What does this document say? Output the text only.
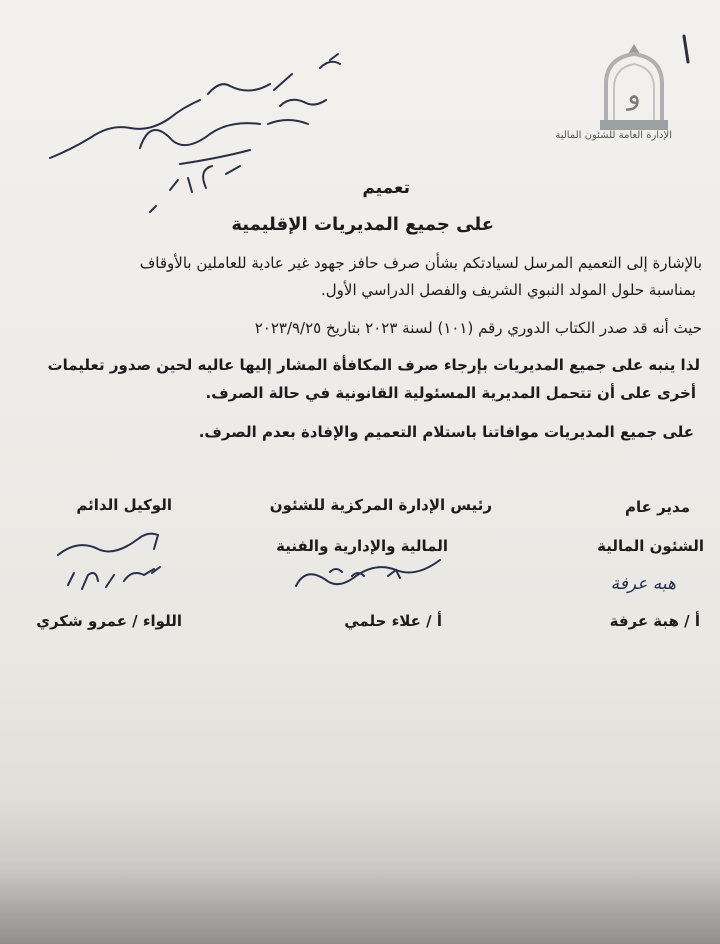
و
الإدارة العامة للشئون المالية
تعميم
على جميع المديريات الإقليمية
بالإشارة إلى التعميم المرسل لسيادتكم بشأن صرف حافز جهود غير عادية للعاملين بالأوقاف
بمناسبة حلول المولد النبوي الشريف والفصل الدراسي الأول.
حيث أنه قد صدر الكتاب الدوري رقم (١٠١) لسنة ٢٠٢٣ بتاريخ ٢٠٢٣/٩/٢٥
لذا ينبه على جميع المديريات بإرجاء صرف المكافأة المشار إليها عاليه لحين صدور تعليمات
أخرى على أن تتحمل المديرية المسئولية القانونية في حالة الصرف.
على جميع المديريات موافاتنا باستلام التعميم والإفادة بعدم الصرف.
مدير عام
الشئون المالية
هبه عرفة
أ / هبة عرفة
رئيس الإدارة المركزية للشئون
المالية والإدارية والفنية
أ / علاء حلمي
الوكيل الدائم
اللواء / عمرو شكري
